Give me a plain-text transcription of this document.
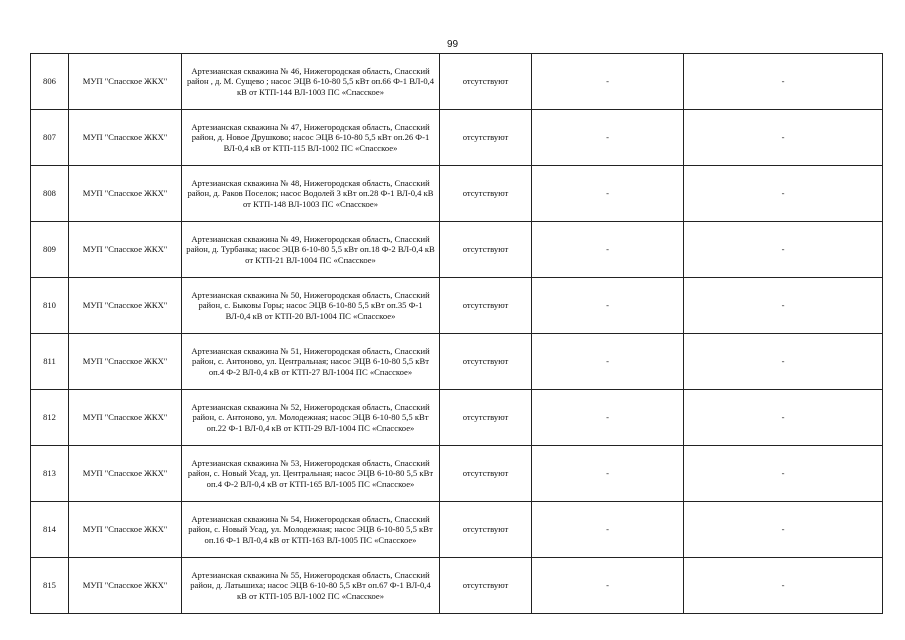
99
806	МУП "Спасское ЖКХ"	Артезианская скважина № 46, Нижегородская область, Спасский район , д. М. Сущево ; насос ЭЦВ 6-10-80 5,5 кВт оп.66 Ф-1 ВЛ-0,4 кВ от КТП-144 ВЛ-1003 ПС «Спасское»	отсутствуют	-	-
807	МУП "Спасское ЖКХ"	Артезианская скважина № 47, Нижегородская область, Спасский район, д. Новое Друшково; насос ЭЦВ 6-10-80 5,5 кВт оп.26 Ф-1 ВЛ-0,4 кВ от КТП-115 ВЛ-1002 ПС «Спасское»	отсутствуют	-	-
808	МУП "Спасское ЖКХ"	Артезианская скважина № 48, Нижегородская область, Спасский район, д. Раков Поселок; насос Водолей 3 кВт оп.28 Ф-1 ВЛ-0,4 кВ от КТП-148 ВЛ-1003 ПС «Спасское»	отсутствуют	-	-
809	МУП "Спасское ЖКХ"	Артезианская скважина № 49, Нижегородская область, Спасский район, д. Турбанка; насос ЭЦВ 6-10-80 5,5 кВт оп.18 Ф-2 ВЛ-0,4 кВ от КТП-21 ВЛ-1004 ПС «Спасское»	отсутствуют	-	-
810	МУП "Спасское ЖКХ"	Артезианская скважина № 50, Нижегородская область, Спасский район, с. Быковы Горы; насос ЭЦВ 6-10-80 5,5 кВт оп.35 Ф-1 ВЛ-0,4 кВ от КТП-20 ВЛ-1004 ПС «Спасское»	отсутствуют	-	-
811	МУП "Спасское ЖКХ"	Артезианская скважина № 51, Нижегородская область, Спасский район, с. Антоново, ул. Центральная; насос ЭЦВ 6-10-80 5,5 кВт оп.4 Ф-2 ВЛ-0,4 кВ от КТП-27 ВЛ-1004 ПС «Спасское»	отсутствуют	-	-
812	МУП "Спасское ЖКХ"	Артезианская скважина № 52, Нижегородская область, Спасский район, с. Антоново, ул. Молодежная; насос ЭЦВ 6-10-80 5,5 кВт оп.22 Ф-1 ВЛ-0,4 кВ от КТП-29 ВЛ-1004 ПС «Спасское»	отсутствуют	-	-
813	МУП "Спасское ЖКХ"	Артезианская скважина № 53, Нижегородская область, Спасский район, с. Новый Усад, ул. Центральная; насос ЭЦВ 6-10-80 5,5 кВт оп.4 Ф-2 ВЛ-0,4 кВ от КТП-165 ВЛ-1005 ПС «Спасское»	отсутствуют	-	-
814	МУП "Спасское ЖКХ"	Артезианская скважина № 54, Нижегородская область, Спасский район, с. Новый Усад, ул. Молодежная; насос ЭЦВ 6-10-80 5,5 кВт оп.16 Ф-1 ВЛ-0,4 кВ от КТП-163 ВЛ-1005 ПС «Спасское»	отсутствуют	-	-
815	МУП "Спасское ЖКХ"	Артезианская скважина № 55, Нижегородская область, Спасский район, д. Латышиха; насос ЭЦВ 6-10-80 5,5 кВт оп.67 Ф-1 ВЛ-0,4 кВ от КТП-105 ВЛ-1002 ПС «Спасское»	отсутствуют	-	-
